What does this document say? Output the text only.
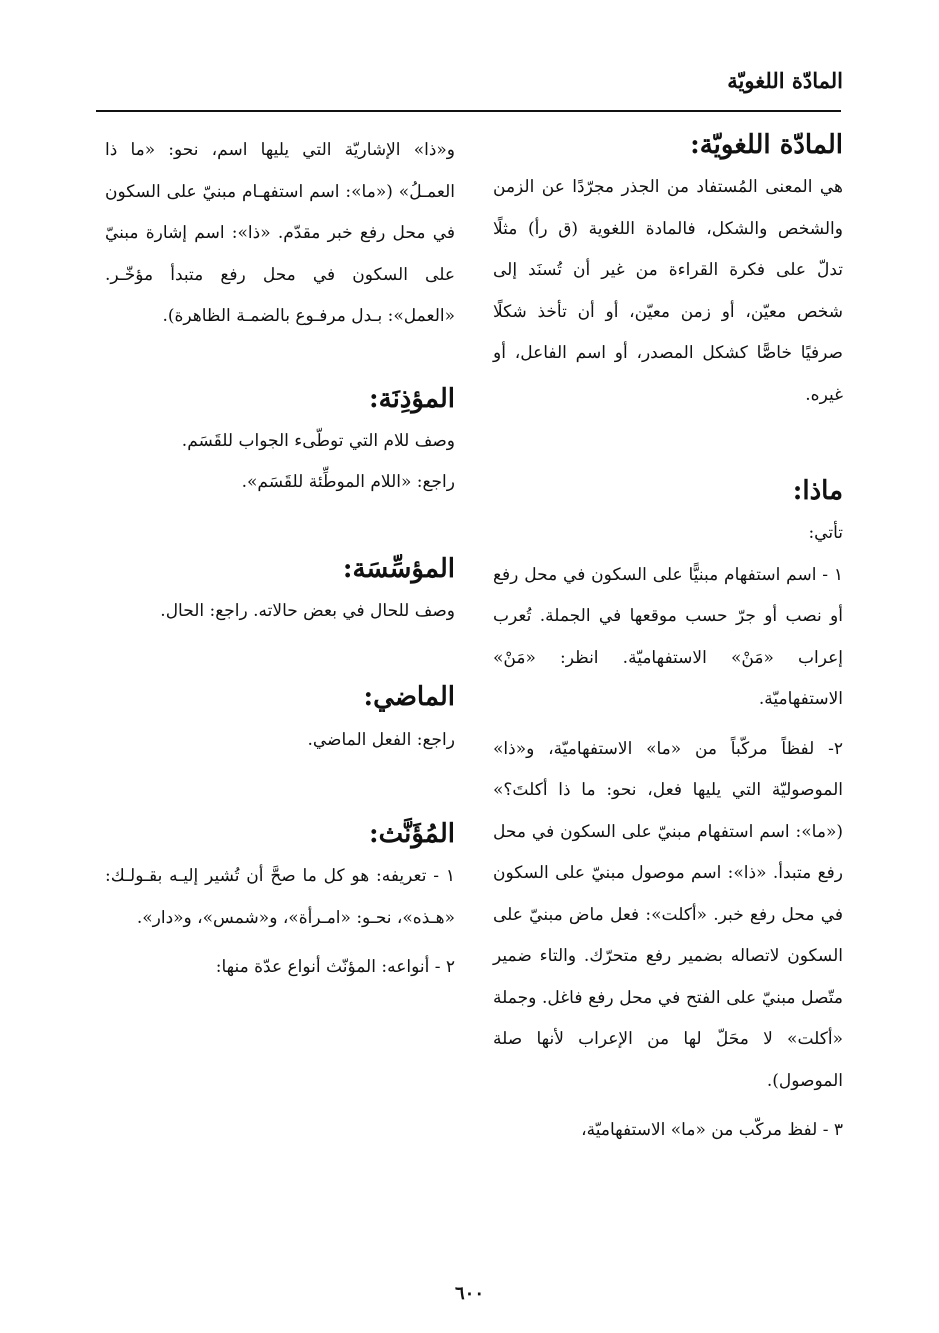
المادّة اللغويّة
المادّة اللغويّة:

هي المعنى المُستفاد من الجذر مجرّدًا عن الزمن والشخص والشكل، فالمادة اللغوية (ق رأ) مثلًا تدلّ على فكرة القراءة من غير أن تُسنَد إلى شخص معيّن، أو زمن معيّن، أو أن تأخذ شكلًا صرفيًا خاصًّا كشكل المصدر، أو اسم الفاعل، أو غيره.

ماذا:

تأتي:

١ - اسم استفهام مبنيًّا على السكون في محل رفع أو نصب أو جرّ حسب موقعها في الجملة. تُعرب إعراب «مَنْ» الاستفهاميّة. انظر: «مَنْ» الاستفهاميّة.

٢- لفظاً مركّباً من «ما» الاستفهاميّة، و«ذا» الموصوليّة التي يليها فعل، نحو: ما ذا أكلتَ؟» («ما»: اسم استفهام مبنيّ على السكون في محل رفع متبدأ. «ذا»: اسم موصول مبنيّ على السكون في محل رفع خبر. «أكلت»: فعل ماض مبنيّ على السكون لاتصاله بضمير رفع متحرّك. والتاء ضمير متّصل مبنيّ على الفتح في محل رفع فاغل. وجملة «أكلت» لا محَلّ لها من الإعراب لأنها صلة الموصول).

٣ - لفظ مركّب من «ما» الاستفهاميّة،

و«ذا» الإشاريّة التي يليها اسم، نحو: «ما ذا العمـلُ» («ما»: اسم استفهـام مبنيّ على السكون في محل رفع خبر مقدّم. «ذا»: اسم إشارة مبنيّ على السكون في محل رفع متبدأ مؤخّـر. «العمل»: بـدل مرفـوع بالضمـة الظاهرة).

المؤذِنَة:

وصف للام التي توطّىء الجواب للقَسَم.

راجع: «اللام الموطِّئة للقَسَم».

المؤسِّسَة:

وصف للحال في بعض حالاته. راجع: الحال.

الماضي:

راجع: الفعل الماضي.

المُؤَنَّث:

١ - تعريفه: هو كل ما صحَّ أن تُشير إليـه بقـولـك: «هـذه»، نحـو: «امـرأة»، و«شمس»، و«دار».

٢ - أنواعه: المؤنّث أنواع عدّة منها:

٦٠٠
